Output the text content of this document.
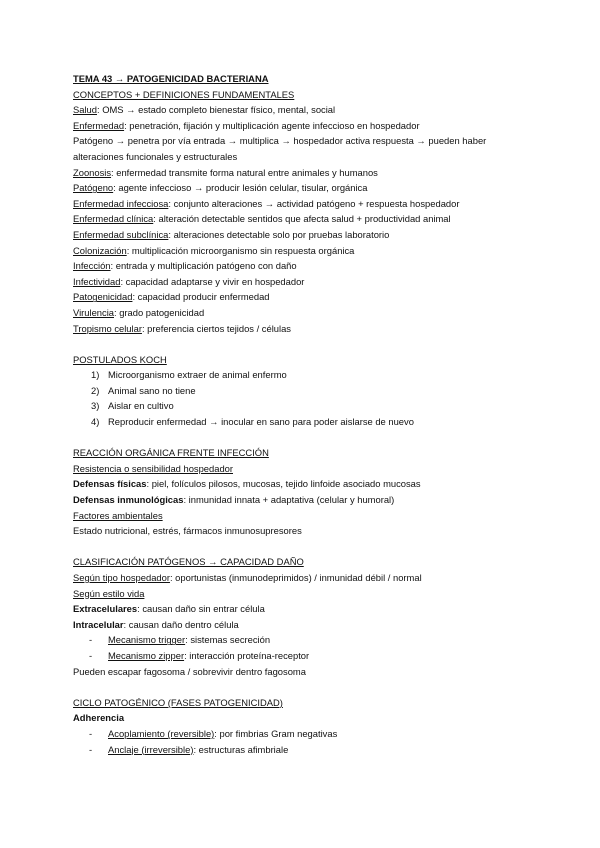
TEMA 43 → PATOGENICIDAD BACTERIANA
CONCEPTOS + DEFINICIONES FUNDAMENTALES
Salud: OMS → estado completo bienestar físico, mental, social
Enfermedad: penetración, fijación y multiplicación agente infeccioso en hospedador
Patógeno → penetra por vía entrada → multiplica → hospedador activa respuesta → pueden haber alteraciones funcionales y estructurales
Zoonosis: enfermedad transmite forma natural entre animales y humanos
Patógeno: agente infeccioso → producir lesión celular, tisular, orgánica
Enfermedad infecciosa: conjunto alteraciones → actividad patógeno + respuesta hospedador
Enfermedad clínica: alteración detectable sentidos que afecta salud + productividad animal
Enfermedad subclínica: alteraciones detectable solo por pruebas laboratorio
Colonización: multiplicación microorganismo sin respuesta orgánica
Infección: entrada y multiplicación patógeno con daño
Infectividad: capacidad adaptarse y vivir en hospedador
Patogenicidad: capacidad producir enfermedad
Virulencia: grado patogenicidad
Tropismo celular: preferencia ciertos tejidos / células
POSTULADOS KOCH
1) Microorganismo extraer de animal enfermo
2) Animal sano no tiene
3) Aislar en cultivo
4) Reproducir enfermedad → inocular en sano para poder aislarse de nuevo
REACCIÓN ORGÁNICA FRENTE INFECCIÓN
Resistencia o sensibilidad hospedador
Defensas físicas: piel, folículos pilosos, mucosas, tejido linfoide asociado mucosas
Defensas inmunológicas: inmunidad innata + adaptativa (celular y humoral)
Factores ambientales
Estado nutricional, estrés, fármacos inmunosupresores
CLASIFICACIÓN PATÓGENOS → CAPACIDAD DAÑO
Según tipo hospedador: oportunistas (inmunodeprimidos) / inmunidad débil / normal
Según estilo vida
Extracelulares: causan daño sin entrar célula
Intracelular: causan daño dentro célula
- Mecanismo trigger: sistemas secreción
- Mecanismo zipper: interacción proteína-receptor
Pueden escapar fagosoma / sobrevivir dentro fagosoma
CICLO PATOGÉNICO (FASES PATOGENICIDAD)
Adherencia
- Acoplamiento (reversible): por fimbrias Gram negativas
- Anclaje (irreversible): estructuras afimbriale
